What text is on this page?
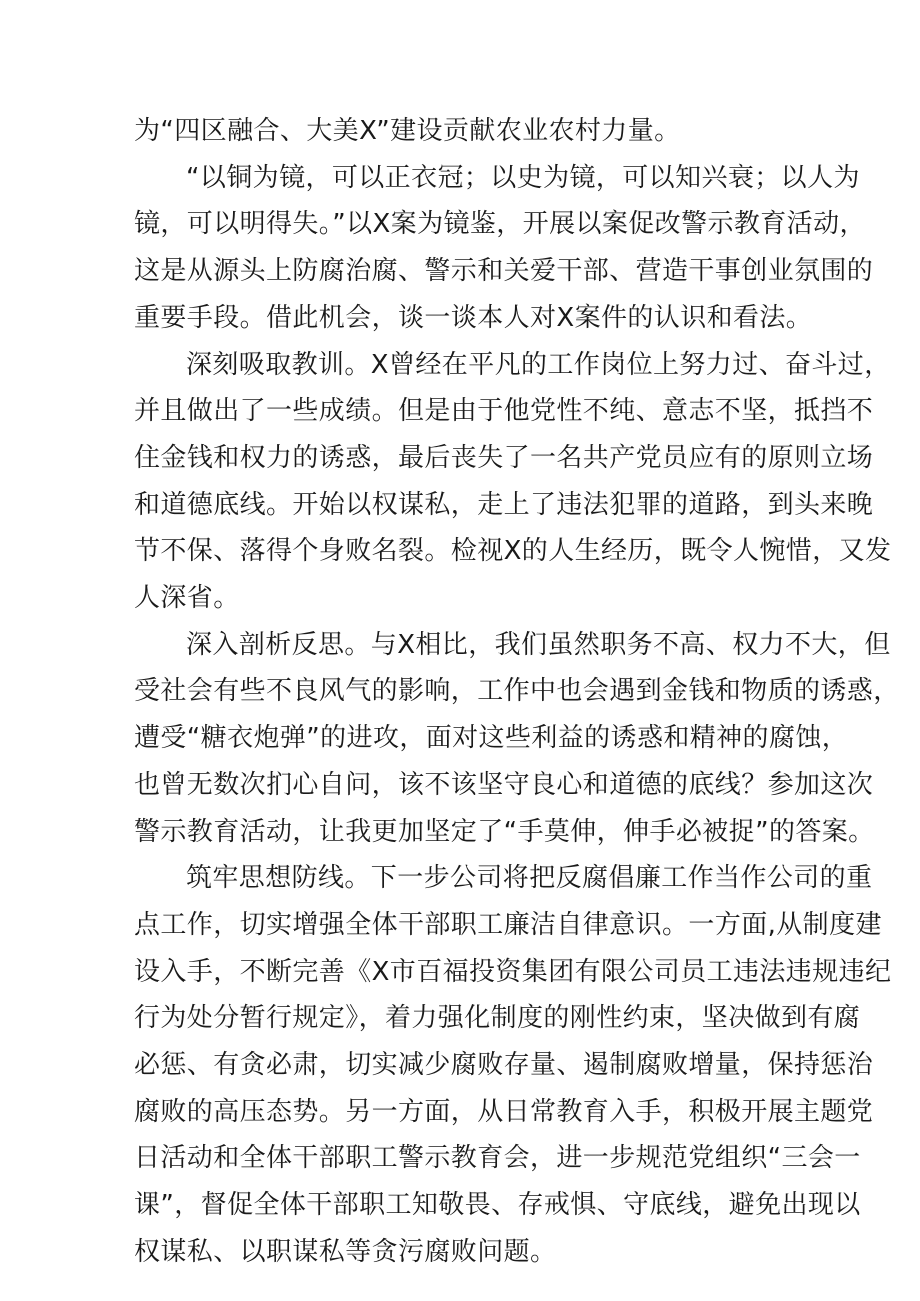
为“四区融合、大美X”建设贡献农业农村力量。
“以铜为镜，可以正衣冠；以史为镜，可以知兴衰；以人为
镜，可以明得失。”以X案为镜鉴，开展以案促改警示教育活动，
这是从源头上防腐治腐、警示和关爱干部、营造干事创业氛围的
重要手段。借此机会，谈一谈本人对X案件的认识和看法。
深刻吸取教训。X曾经在平凡的工作岗位上努力过、奋斗过，
并且做出了一些成绩。但是由于他党性不纯、意志不坚，抵挡不
住金钱和权力的诱惑，最后丧失了一名共产党员应有的原则立场
和道德底线。开始以权谋私，走上了违法犯罪的道路，到头来晚
节不保、落得个身败名裂。检视X的人生经历，既令人惋惜，又发
人深省。
深入剖析反思。与X相比，我们虽然职务不高、权力不大，但
受社会有些不良风气的影响，工作中也会遇到金钱和物质的诱惑，
遭受“糖衣炮弹”的进攻，面对这些利益的诱惑和精神的腐蚀，
也曾无数次扪心自问，该不该坚守良心和道德的底线？参加这次
警示教育活动，让我更加坚定了“手莫伸，伸手必被捉”的答案。
筑牢思想防线。下一步公司将把反腐倡廉工作当作公司的重
点工作，切实增强全体干部职工廉洁自律意识。一方面,从制度建
设入手，不断完善《X市百福投资集团有限公司员工违法违规违纪
行为处分暂行规定》，着力强化制度的刚性约束，坚决做到有腐
必惩、有贪必肃，切实减少腐败存量、遏制腐败增量，保持惩治
腐败的高压态势。另一方面，从日常教育入手，积极开展主题党
日活动和全体干部职工警示教育会，进一步规范党组织“三会一
课”，督促全体干部职工知敬畏、存戒惧、守底线，避免出现以
权谋私、以职谋私等贪污腐败问题。
